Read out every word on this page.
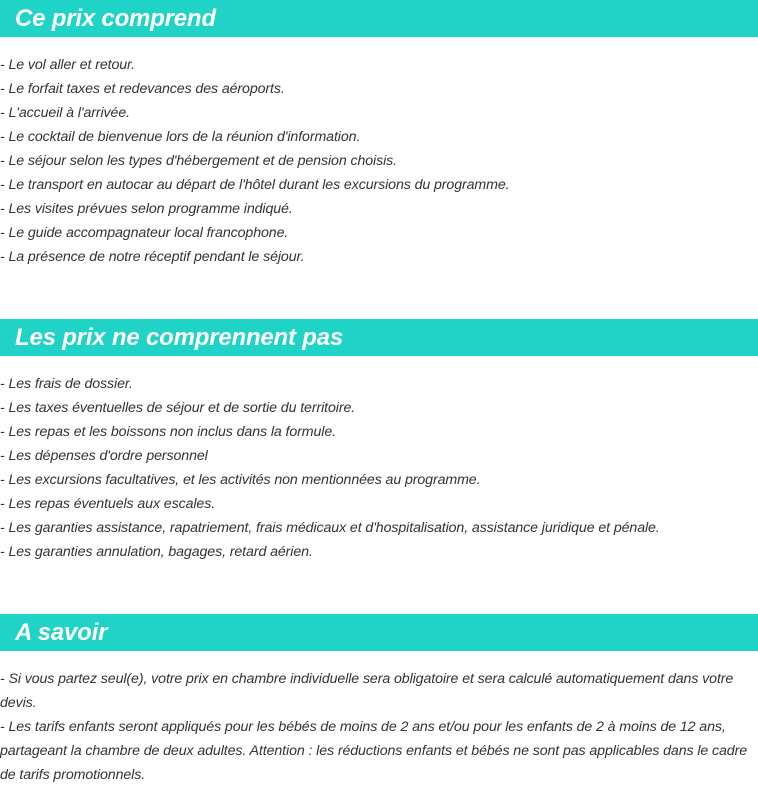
Ce prix comprend
- Le vol aller et retour.
- Le forfait taxes et redevances des aéroports.
- L'accueil à l'arrivée.
- Le cocktail de bienvenue lors de la réunion d'information.
- Le séjour selon les types d'hébergement et de pension choisis.
- Le transport en autocar au départ de l'hôtel durant les excursions du programme.
- Les visites prévues selon programme indiqué.
- Le guide accompagnateur local francophone.
- La présence de notre réceptif pendant le séjour.
Les prix ne comprennent pas
- Les frais de dossier.
- Les taxes éventuelles de séjour et de sortie du territoire.
- Les repas et les boissons non inclus dans la formule.
- Les dépenses d'ordre personnel
- Les excursions facultatives, et les activités non mentionnées au programme.
- Les repas éventuels aux escales.
- Les garanties assistance, rapatriement, frais médicaux et d'hospitalisation, assistance juridique et pénale.
- Les garanties annulation, bagages, retard aérien.
A savoir
- Si vous partez seul(e), votre prix en chambre individuelle sera obligatoire et sera calculé automatiquement dans votre devis.
- Les tarifs enfants seront appliqués pour les bébés de moins de 2 ans et/ou pour les enfants de 2 à moins de 12 ans, partageant la chambre de deux adultes. Attention : les réductions enfants et bébés ne sont pas applicables dans le cadre de tarifs promotionnels.
